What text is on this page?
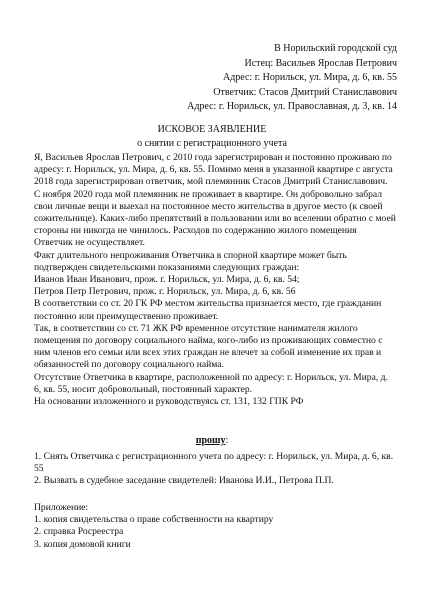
В Норильский городской суд
Истец: Васильев Ярослав Петрович
Адрес: г. Норильск, ул. Мира, д. 6, кв. 55
Ответчик: Стасов Дмитрий Станиславович
Адрес: г. Норильск, ул. Православная, д. 3, кв. 14
ИСКОВОЕ ЗАЯВЛЕНИЕ
о снятии с регистрационного учета

Я, Васильев Ярослав Петрович, с 2010 года зарегистрирован и постоянно проживаю по адресу: г. Норильск, ул. Мира, д. 6, кв. 55. Помимо меня в указанной квартире с августа 2018 года зарегистрирован ответчик, мой племянник Стасов Дмитрий Станиславович.

С ноября 2020 года мой племянник не проживает в квартире. Он добровольно забрал свои личные вещи и выехал на постоянное место жительства в другое место (к своей сожительнице). Каких-либо препятствий в пользовании или во вселении обратно с моей стороны ни никогда не чинилось. Расходов по содержанию жилого помещения Ответчик не осуществляет.

Факт длительного непроживания Ответчика в спорной квартире может быть подтвержден свидетельскими показаниями следующих граждан:

Иванов Иван Иванович, прож. г. Норильск, ул. Мира, д. 6, кв. 54;

Петров Петр Петрович, прож. г. Норильск, ул. Мира, д. 6, кв. 56

В соответствии со ст. 20 ГК РФ местом жительства признается место, где гражданин постоянно или преимущественно проживает.

Так, в соответствии со ст. 71 ЖК РФ временное отсутствие нанимателя жилого помещения по договору социального найма, кого-либо из проживающих совместно с ним членов его семьи или всех этих граждан не влечет за собой изменение их прав и обязанностей по договору социального найма.

Отсутствие Ответчика в квартире, расположенной по адресу: г. Норильск, ул. Мира, д. 6, кв. 55, носит добровольный, постоянный характер.

На основании изложенного и руководствуясь ст. 131, 132 ГПК РФ

прошу:

1. Снять Ответчика с регистрационного учета по адресу: г. Норильск, ул. Мира, д. 6, кв. 55

2. Вызвать в судебное заседание свидетелей: Иванова И.И., Петрова П.П.

Приложение:

1. копия свидетельства о праве собственности на квартиру

2. справка Росреестра

3. копия домовой книги
